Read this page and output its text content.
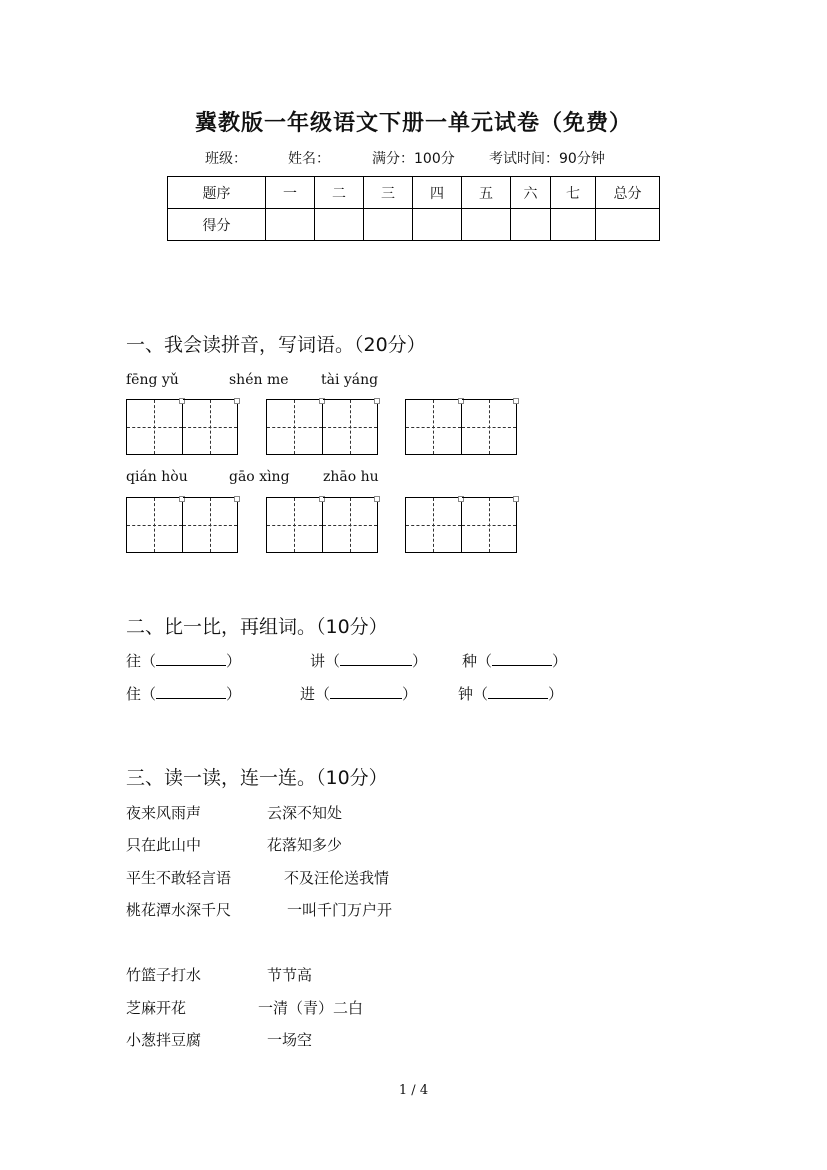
冀教版一年级语文下册一单元试卷（免费）
班级：	姓名：	满分：100分 考试时间：90分钟
题序	一	二	三	四	五	六	七	总分
得分								
一、我会读拼音，写词语。（20分）
fēng yǔ	shén me tài yáng
qián hòu	gāo xìng zhāo hu
二、比一比，再组词。（10分）
往（	）	讲（	） 种（	）
住（	）	进（	）	钟（	）
三、读一读，连一连。（10分）
夜来风雨声	云深不知处
只在此山中	花落知多少
平生不敢轻言语	不及汪伦送我情
桃花潭水深千尺	一叫千门万户开
竹篮子打水	节节高
芝麻开花	一清（青）二白
小葱拌豆腐	一场空
1 / 4
